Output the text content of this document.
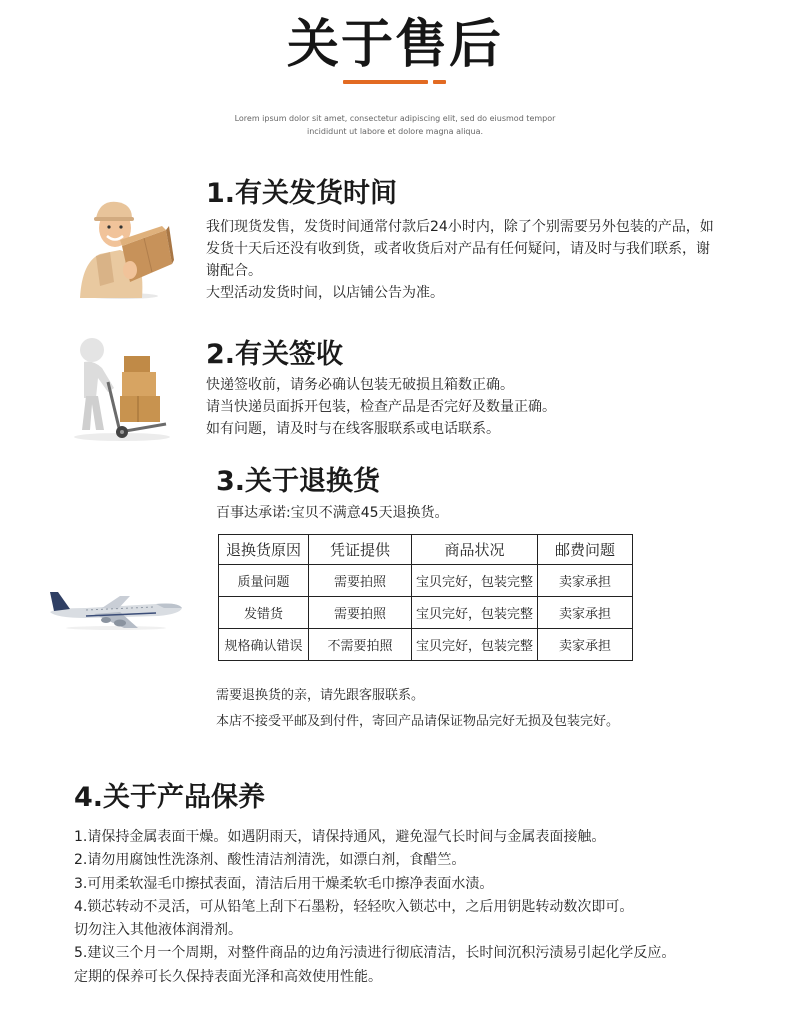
关于售后
Lorem ipsum dolor sit amet, consectetur adipiscing elit, sed do eiusmod tempor incididunt ut labore et dolore magna aliqua.
1.有关发货时间

我们现货发售，发货时间通常付款后24小时内，除了个别需要另外包装的产品，如

发货十天后还没有收到货，或者收货后对产品有任何疑问，请及时与我们联系，谢

谢配合。

大型活动发货时间，以店铺公告为准。

2.有关签收

快递签收前，请务必确认包装无破损且箱数正确。

请当快递员面拆开包装，检查产品是否完好及数量正确。

如有问题，请及时与在线客服联系或电话联系。

3.关于退换货
百事达承诺:宝贝不满意45天退换货。
退换货原因	凭证提供	商品状况	邮费问题
质量问题	需要拍照	宝贝完好，包装完整	卖家承担
发错货	需要拍照	宝贝完好，包装完整	卖家承担
规格确认错误	不需要拍照	宝贝完好，包装完整	卖家承担

需要退换货的亲，请先跟客服联系。

本店不接受平邮及到付件，寄回产品请保证物品完好无损及包装完好。

4.关于产品保养

1.请保持金属表面干燥。如遇阴雨天，请保持通风，避免湿气长时间与金属表面接触。

2.请勿用腐蚀性洗涤剂、酸性清洁剂清洗，如漂白剂，食醋竺。

3.可用柔软湿毛巾擦拭表面，清洁后用干燥柔软毛巾擦净表面水渍。

4.锁芯转动不灵活，可从铅笔上刮下石墨粉，轻轻吹入锁芯中，之后用钥匙转动数次即可。

切勿注入其他液体润滑剂。

5.建议三个月一个周期，对整件商品的边角污渍进行彻底清洁，长时间沉积污渍易引起化学反应。

定期的保养可长久保持表面光泽和高效使用性能。
